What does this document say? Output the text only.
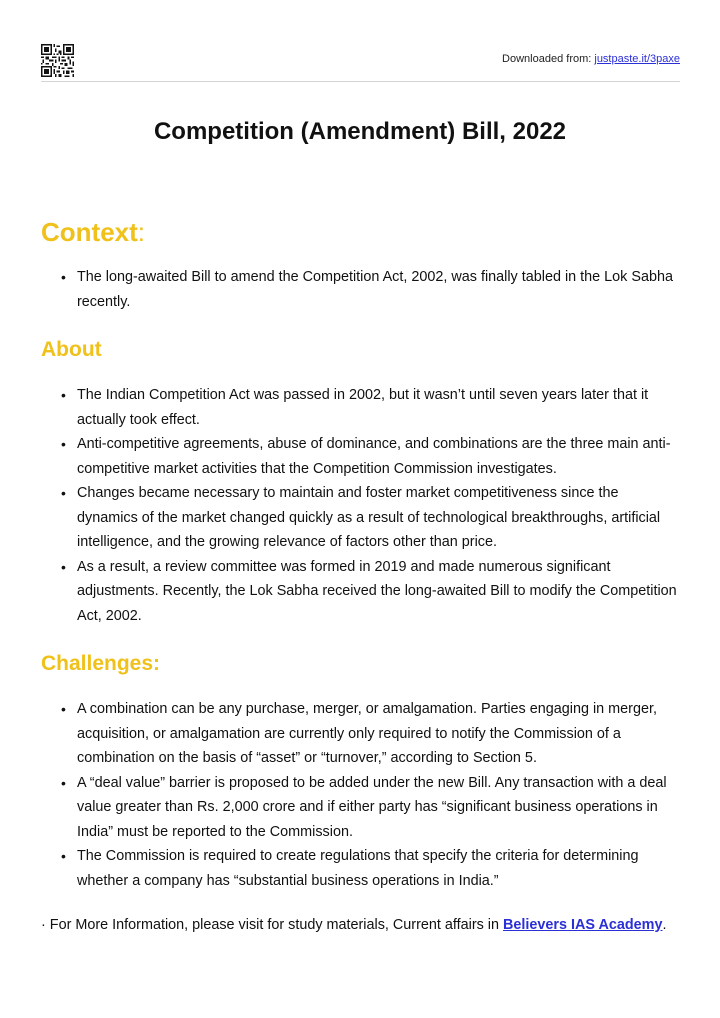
Downloaded from: justpaste.it/3paxe
Competition (Amendment) Bill, 2022
Context:
• The long-awaited Bill to amend the Competition Act, 2002, was finally tabled in the Lok Sabha recently.
About
• The Indian Competition Act was passed in 2002, but it wasn’t until seven years later that it actually took effect.
• Anti-competitive agreements, abuse of dominance, and combinations are the three main anti-competitive market activities that the Competition Commission investigates.
• Changes became necessary to maintain and foster market competitiveness since the dynamics of the market changed quickly as a result of technological breakthroughs, artificial intelligence, and the growing relevance of factors other than price.
• As a result, a review committee was formed in 2019 and made numerous significant adjustments. Recently, the Lok Sabha received the long-awaited Bill to modify the Competition Act, 2002.
Challenges:
• A combination can be any purchase, merger, or amalgamation. Parties engaging in merger, acquisition, or amalgamation are currently only required to notify the Commission of a combination on the basis of “asset” or “turnover,” according to Section 5.
• A “deal value” barrier is proposed to be added under the new Bill. Any transaction with a deal value greater than Rs. 2,000 crore and if either party has “significant business operations in India” must be reported to the Commission.
• The Commission is required to create regulations that specify the criteria for determining whether a company has “substantial business operations in India.”

· For More Information, please visit for study materials, Current affairs in Believers IAS Academy.
